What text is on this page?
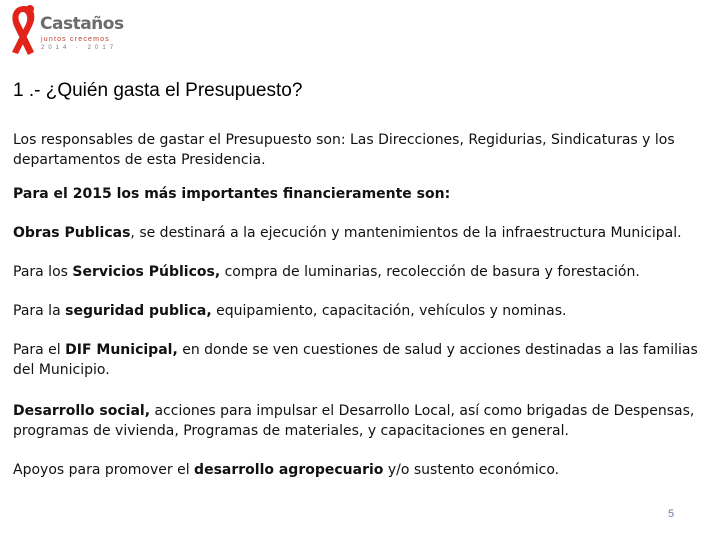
Castaños
juntos crecemos
2014 · 2017
1 .- ¿Quién gasta el Presupuesto?

Los responsables de gastar el Presupuesto son: Las Direcciones, Regidurias, Sindicaturas y los departamentos de esta Presidencia.

Para el 2015 los más importantes financieramente son:

Obras Publicas, se destinará a la ejecución y mantenimientos de la infraestructura Municipal.

Para los Servicios Públicos, compra de luminarias, recolección de basura y forestación.

Para la seguridad publica, equipamiento, capacitación, vehículos y nominas.

Para el DIF Municipal, en donde se ven cuestiones de salud y acciones destinadas a las familias del Municipio.

Desarrollo social, acciones para impulsar el Desarrollo Local, así como brigadas de Despensas, programas de vivienda, Programas de materiales, y capacitaciones en general.

Apoyos para promover el desarrollo agropecuario y/o sustento económico.

5
